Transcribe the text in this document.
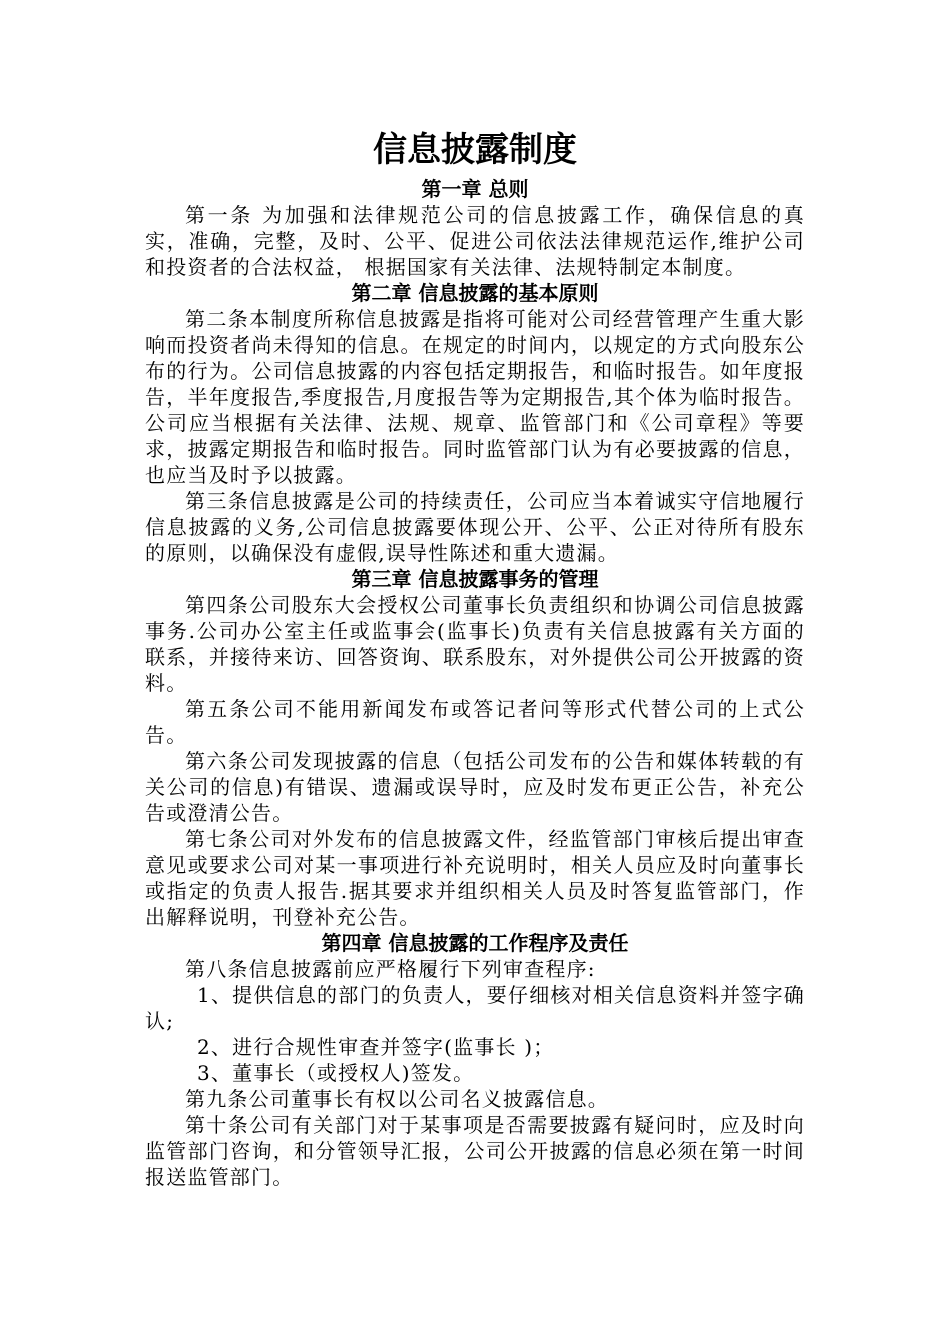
信息披露制度
第一章 总则

第一条 为加强和法律规范公司的信息披露工作，确保信息的真实，准确，完整，及时、公平、促进公司依法法律规范运作,维护公司和投资者的合法权益， 根据国家有关法律、法规特制定本制度。

第二章 信息披露的基本原则

第二条本制度所称信息披露是指将可能对公司经营管理产生重大影响而投资者尚未得知的信息。在规定的时间内，以规定的方式向股东公布的行为。公司信息披露的内容包括定期报告，和临时报告。如年度报告，半年度报告,季度报告,月度报告等为定期报告,其个体为临时报告。公司应当根据有关法律、法规、规章、监管部门和《公司章程》等要求，披露定期报告和临时报告。同时监管部门认为有必要披露的信息，也应当及时予以披露。

第三条信息披露是公司的持续责任，公司应当本着诚实守信地履行信息披露的义务,公司信息披露要体现公开、公平、公正对待所有股东的原则，以确保没有虚假,误导性陈述和重大遗漏。

第三章 信息披露事务的管理

第四条公司股东大会授权公司董事长负责组织和协调公司信息披露事务.公司办公室主任或监事会(监事长)负责有关信息披露有关方面的联系，并接待来访、回答资询、联系股东，对外提供公司公开披露的资料。

第五条公司不能用新闻发布或答记者问等形式代替公司的上式公告。

第六条公司发现披露的信息（包括公司发布的公告和媒体转载的有关公司的信息)有错误、遗漏或误导时，应及时发布更正公告，补充公告或澄清公告。

第七条公司对外发布的信息披露文件，经监管部门审核后提出审查意见或要求公司对某一事项进行补充说明时，相关人员应及时向董事长或指定的负责人报告.据其要求并组织相关人员及时答复监管部门，作出解释说明，刊登补充公告。

第四章 信息披露的工作程序及责任

第八条信息披露前应严格履行下列审查程序:

1、提供信息的部门的负责人，要仔细核对相关信息资料并签字确认;

2、进行合规性审查并签字(监事长 )；

3、董事长（或授权人)签发。

第九条公司董事长有权以公司名义披露信息。

第十条公司有关部门对于某事项是否需要披露有疑问时，应及时向监管部门咨询，和分管领导汇报，公司公开披露的信息必须在第一时间报送监管部门。
